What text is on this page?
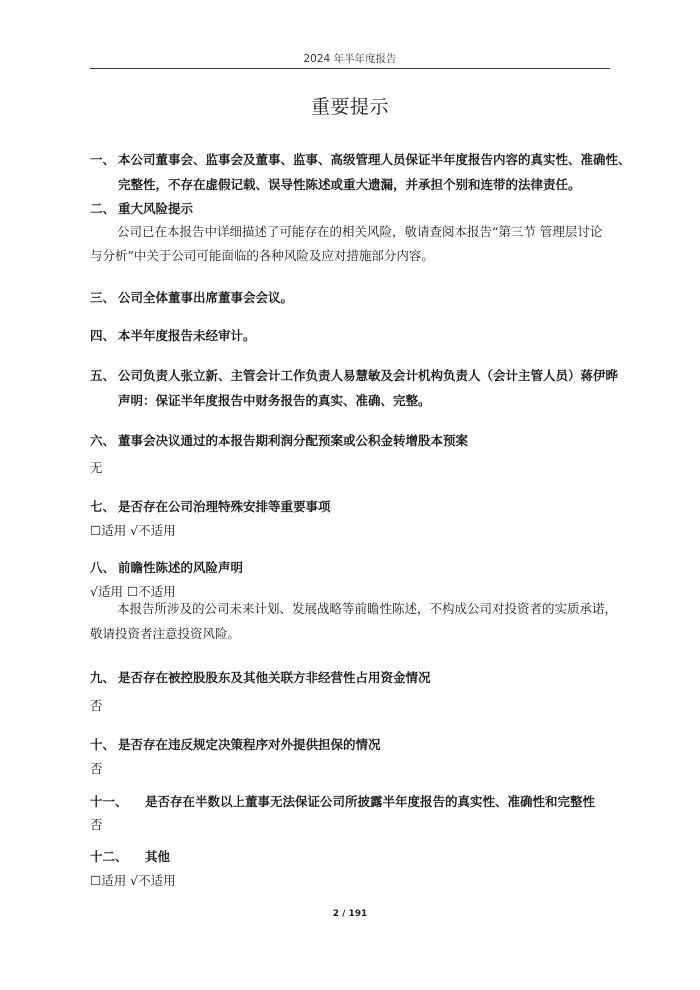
2024 年半年度报告
重要提示
一、 本公司董事会、监事会及董事、监事、高级管理人员保证半年度报告内容的真实性、准确性、
完整性，不存在虚假记载、误导性陈述或重大遗漏，并承担个别和连带的法律责任。
二、 重大风险提示
公司已在本报告中详细描述了可能存在的相关风险，敬请查阅本报告“第三节 管理层讨论
与分析”中关于公司可能面临的各种风险及应对措施部分内容。
三、 公司全体董事出席董事会会议。
四、 本半年度报告未经审计。
五、 公司负责人张立新、主管会计工作负责人易慧敏及会计机构负责人（会计主管人员）蒋伊晔
声明：保证半年度报告中财务报告的真实、准确、完整。
六、 董事会决议通过的本报告期利润分配预案或公积金转增股本预案
无
七、 是否存在公司治理特殊安排等重要事项
☐适用 √不适用
八、 前瞻性陈述的风险声明
√适用 ☐不适用
本报告所涉及的公司未来计划、发展战略等前瞻性陈述，不构成公司对投资者的实质承诺，
敬请投资者注意投资风险。
九、 是否存在被控股股东及其他关联方非经营性占用资金情况
否
十、 是否存在违反规定决策程序对外提供担保的情况
否
十一、 是否存在半数以上董事无法保证公司所披露半年度报告的真实性、准确性和完整性
否
十二、 其他
☐适用 √不适用
2 / 191
